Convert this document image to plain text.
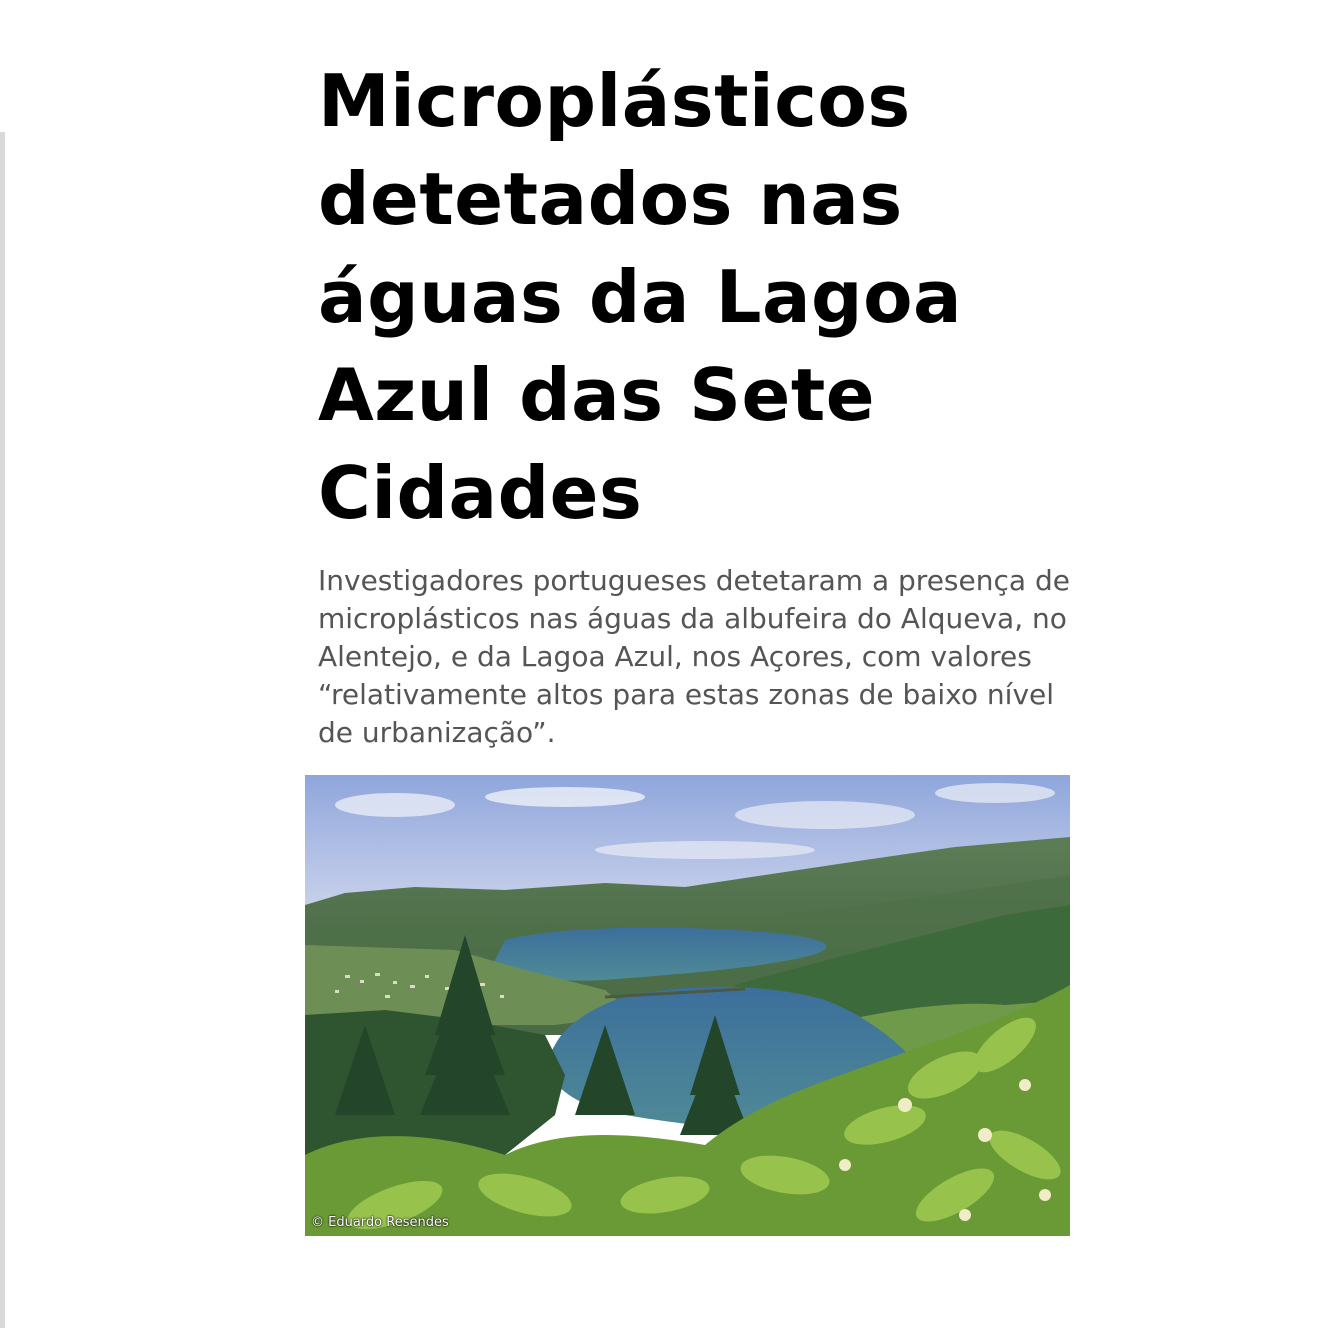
Microplásticos detetados nas águas da Lagoa Azul das Sete Cidades

Investigadores portugueses detetaram a presença de microplásticos nas águas da albufeira do Alqueva, no Alentejo, e da Lagoa Azul, nos Açores, com valores “relativamente altos para estas zonas de baixo nível de urbanização”.

© Eduardo Resendes
